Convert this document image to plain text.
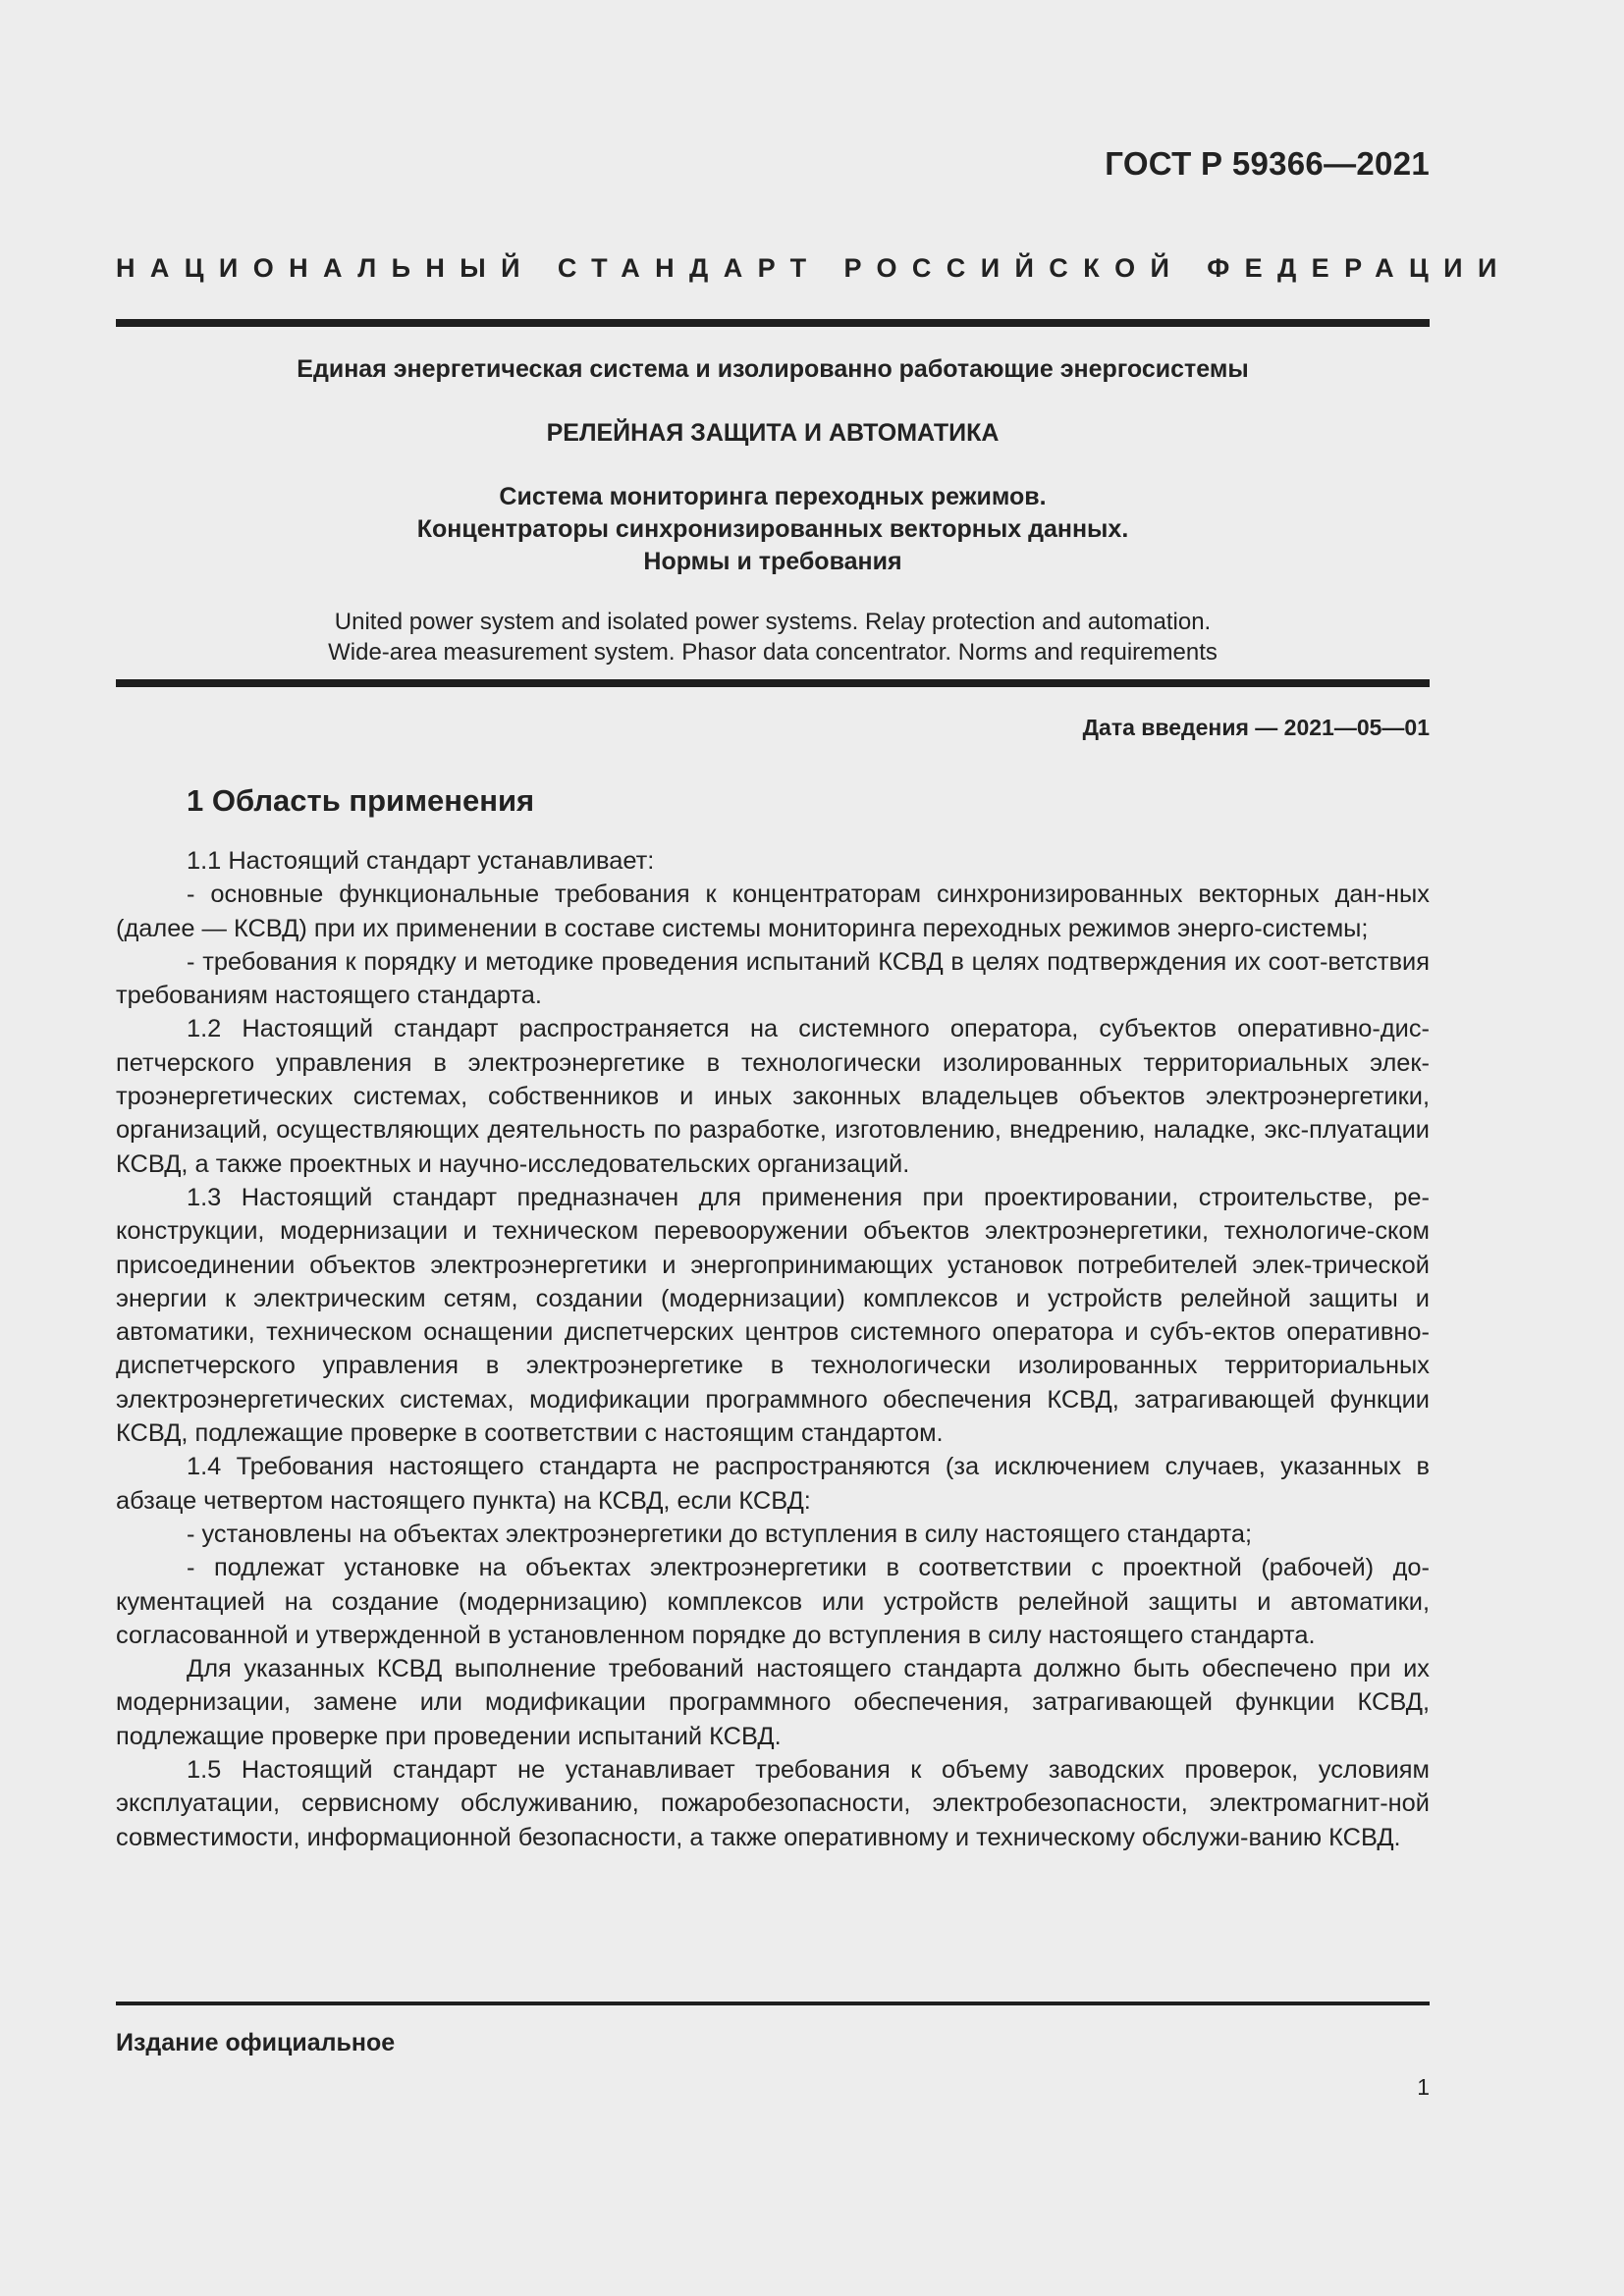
ГОСТ Р 59366—2021
НАЦИОНАЛЬНЫЙ СТАНДАРТ РОССИЙСКОЙ ФЕДЕРАЦИИ
Единая энергетическая система и изолированно работающие энергосистемы
РЕЛЕЙНАЯ ЗАЩИТА И АВТОМАТИКА
Система мониторинга переходных режимов.
Концентраторы синхронизированных векторных данных.
Нормы и требования
United power system and isolated power systems. Relay protection and automation.
Wide-area measurement system. Phasor data concentrator. Norms and requirements
Дата введения — 2021—05—01
1 Область применения

1.1 Настоящий стандарт устанавливает:

- основные функциональные требования к концентраторам синхронизированных векторных дан-ных (далее — КСВД) при их применении в составе системы мониторинга переходных режимов энерго-системы;

- требования к порядку и методике проведения испытаний КСВД в целях подтверждения их соот-ветствия требованиям настоящего стандарта.

1.2 Настоящий стандарт распространяется на системного оператора, субъектов оперативно-дис-петчерского управления в электроэнергетике в технологически изолированных территориальных элек-троэнергетических системах, собственников и иных законных владельцев объектов электроэнергетики, организаций, осуществляющих деятельность по разработке, изготовлению, внедрению, наладке, экс-плуатации КСВД, а также проектных и научно-исследовательских организаций.

1.3 Настоящий стандарт предназначен для применения при проектировании, строительстве, ре-конструкции, модернизации и техническом перевооружении объектов электроэнергетики, технологиче-ском присоединении объектов электроэнергетики и энергопринимающих установок потребителей элек-трической энергии к электрическим сетям, создании (модернизации) комплексов и устройств релейной защиты и автоматики, техническом оснащении диспетчерских центров системного оператора и субъ-ектов оперативно-диспетчерского управления в электроэнергетике в технологически изолированных территориальных электроэнергетических системах, модификации программного обеспечения КСВД, затрагивающей функции КСВД, подлежащие проверке в соответствии с настоящим стандартом.

1.4 Требования настоящего стандарта не распространяются (за исключением случаев, указанных в абзаце четвертом настоящего пункта) на КСВД, если КСВД:

- установлены на объектах электроэнергетики до вступления в силу настоящего стандарта;

- подлежат установке на объектах электроэнергетики в соответствии с проектной (рабочей) до-кументацией на создание (модернизацию) комплексов или устройств релейной защиты и автоматики, согласованной и утвержденной в установленном порядке до вступления в силу настоящего стандарта.

Для указанных КСВД выполнение требований настоящего стандарта должно быть обеспечено при их модернизации, замене или модификации программного обеспечения, затрагивающей функции КСВД, подлежащие проверке при проведении испытаний КСВД.

1.5 Настоящий стандарт не устанавливает требования к объему заводских проверок, условиям эксплуатации, сервисному обслуживанию, пожаробезопасности, электробезопасности, электромагнит-ной совместимости, информационной безопасности, а также оперативному и техническому обслужи-ванию КСВД.

Издание официальное
1
